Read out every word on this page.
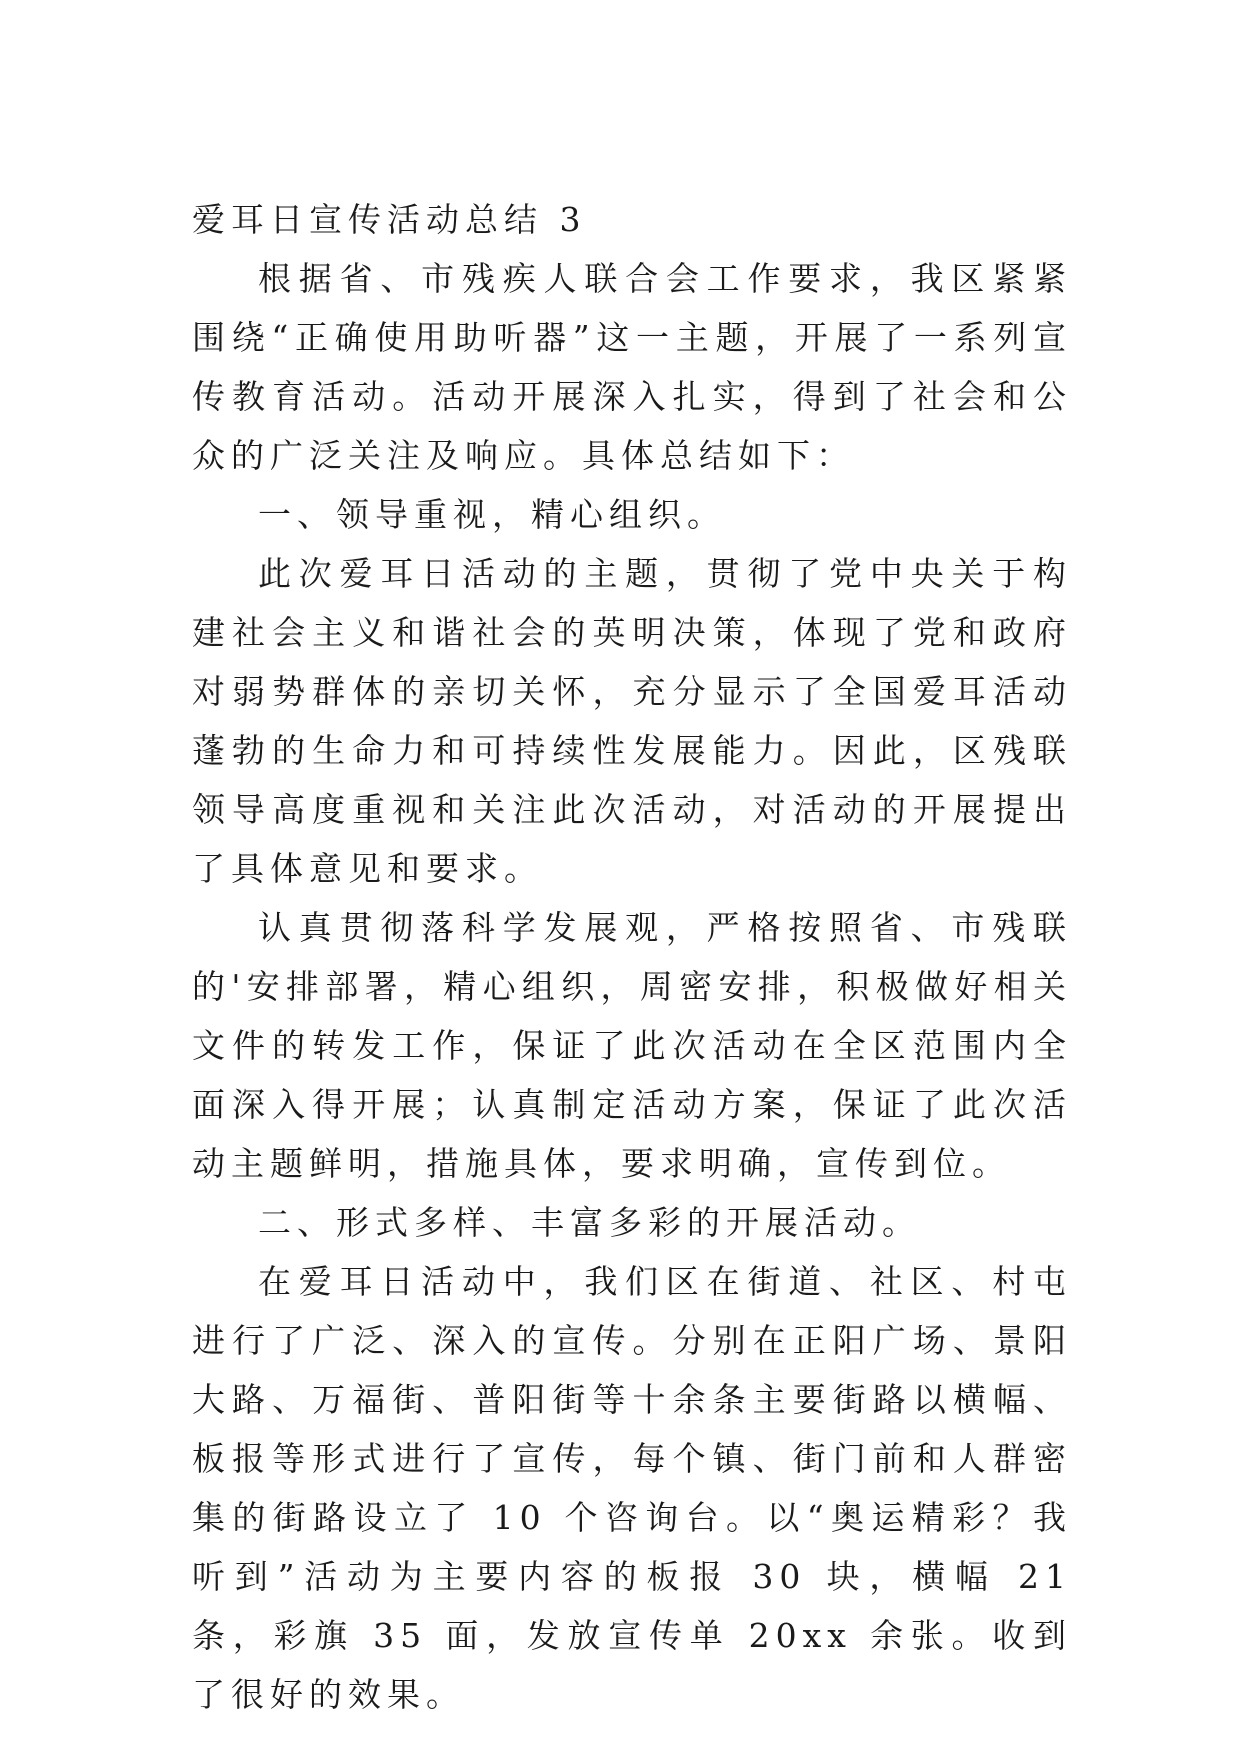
爱耳日宣传活动总结 3

根据省、市残疾人联合会工作要求，我区紧紧围绕“正确使用助听器”这一主题，开展了一系列宣传教育活动。活动开展深入扎实，得到了社会和公众的广泛关注及响应。具体总结如下：

一、领导重视，精心组织。

此次爱耳日活动的主题，贯彻了党中央关于构建社会主义和谐社会的英明决策，体现了党和政府对弱势群体的亲切关怀，充分显示了全国爱耳活动蓬勃的生命力和可持续性发展能力。因此，区残联领导高度重视和关注此次活动，对活动的开展提出了具体意见和要求。

认真贯彻落科学发展观，严格按照省、市残联的'安排部署，精心组织，周密安排，积极做好相关文件的转发工作，保证了此次活动在全区范围内全面深入得开展；认真制定活动方案，保证了此次活动主题鲜明，措施具体，要求明确，宣传到位。

二、形式多样、丰富多彩的开展活动。

在爱耳日活动中，我们区在街道、社区、村屯进行了广泛、深入的宣传。分别在正阳广场、景阳大路、万福街、普阳街等十余条主要街路以横幅、板报等形式进行了宣传，每个镇、街门前和人群密集的街路设立了 10 个咨询台。以“奥运精彩？我听到”活动为主要内容的板报 30 块，横幅 21 条，彩旗 35 面，发放宣传单 20xx 余张。收到了很好的效果。
